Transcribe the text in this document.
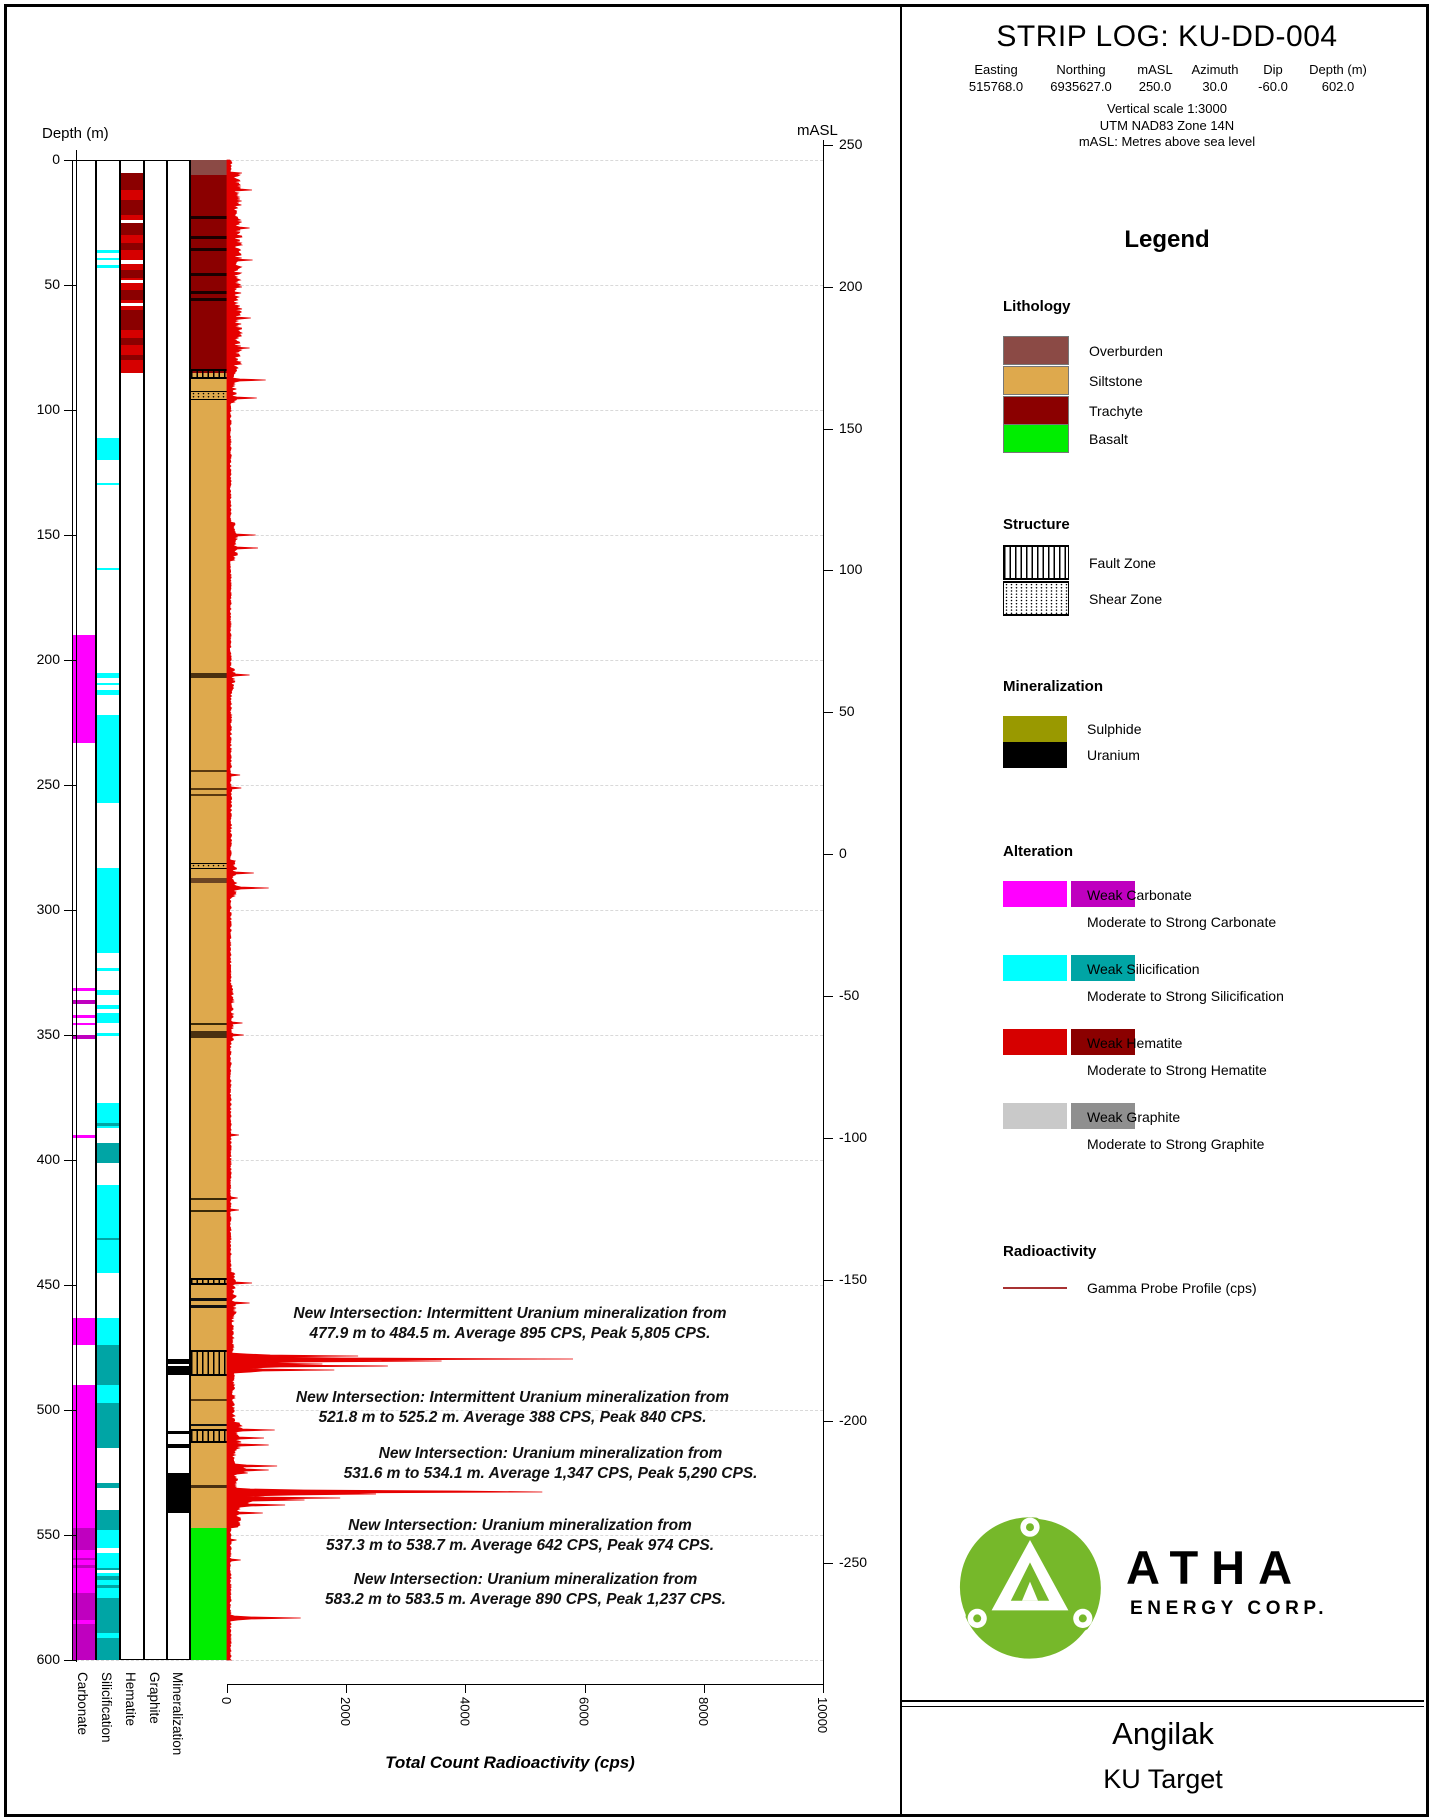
0
50
100
150
200
250
300
350
400
450
500
550
600
250
200
150
100
50
0
-50
-100
-150
-200
-250
0	2000	4000	6000	8000	10000
New Intersection: Intermittent Uranium mineralization from
477.9 m to 484.5 m. Average 895 CPS, Peak 5,805 CPS.
New Intersection: Intermittent Uranium mineralization from
521.8 m to 525.2 m. Average 388 CPS, Peak 840 CPS.
New Intersection: Uranium mineralization from
531.6 m to 534.1 m. Average 1,347 CPS, Peak 5,290 CPS.
New Intersection: Uranium mineralization from
537.3 m to 538.7 m. Average 642 CPS, Peak 974 CPS.
New Intersection: Uranium mineralization from
583.2 m to 583.5 m. Average 890 CPS, Peak 1,237 CPS.
Depth (m)	mASL
Total Count Radioactivity (cps)
Carbonate Silicification Hematite Graphite Mineralization
STRIP LOG: KU-DD-004
Easting
515768.0
Northing
6935627.0
mASL
250.0
Azimuth
30.0
Dip
-60.0
Depth (m)
602.0
Vertical scale 1:3000
UTM NAD83 Zone 14N
mASL: Metres above sea level
Legend
Lithology
Overburden
Siltstone
Trachyte
Basalt
Structure
Fault Zone
Shear Zone
Mineralization
Sulphide
Uranium
Alteration

Weak Carbonate
Moderate to Strong Carbonate

Weak Silicification
Moderate to Strong Silicification

Weak Hematite
Moderate to Strong Hematite

Weak Graphite
Moderate to Strong Graphite
Radioactivity
Gamma Probe Profile (cps)
ATHA
ENERGY CORP.
Angilak
KU Target
